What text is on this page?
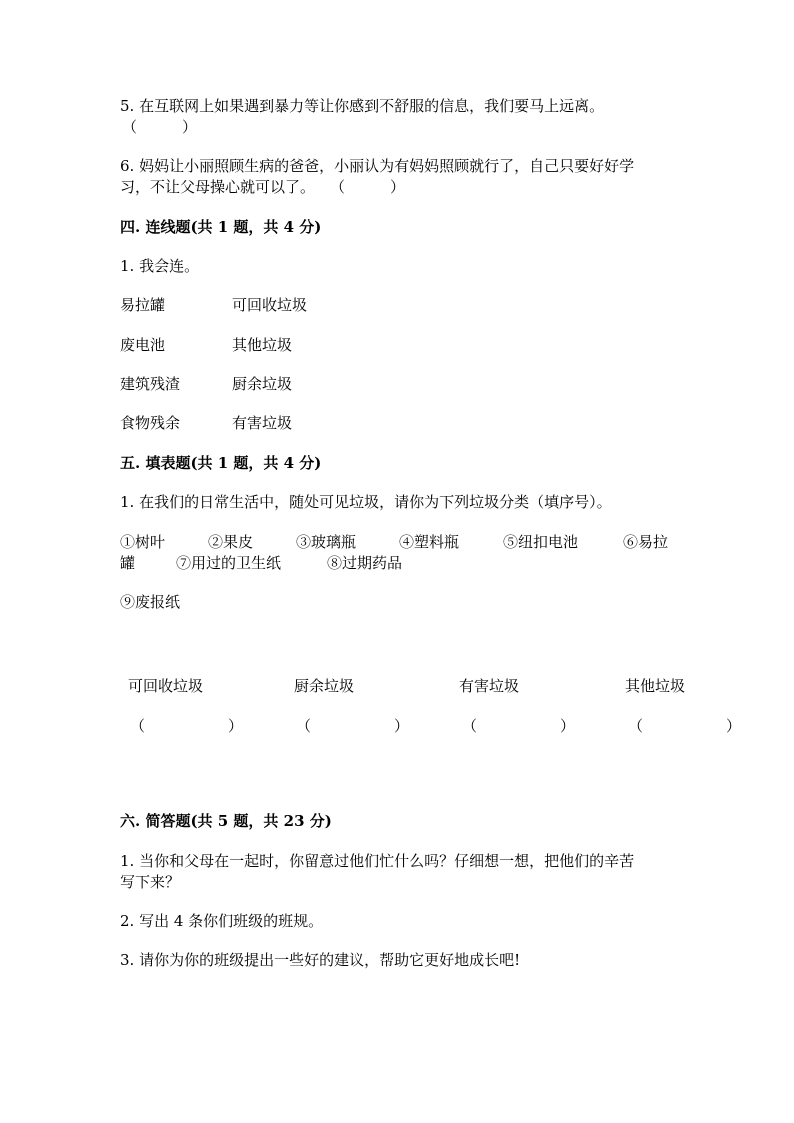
5. 在互联网上如果遇到暴力等让你感到不舒服的信息，我们要马上远离。
（　　　）
6. 妈妈让小丽照顾生病的爸爸，小丽认为有妈妈照顾就行了，自己只要好好学
习，不让父母操心就可以了。　　（　　　）
四. 连线题(共 1 题，共 4 分)
1. 我会连。
易拉罐	可回收垃圾
废电池	其他垃圾
建筑残渣	厨余垃圾
食物残余	有害垃圾
五. 填表题(共 1 题，共 4 分)
1. 在我们的日常生活中，随处可见垃圾，请你为下列垃圾分类（填序号）。
①树叶	②果皮	③玻璃瓶	④塑料瓶	⑤纽扣电池	⑥易拉
罐	⑦用过的卫生纸	⑧过期药品
⑨废报纸
可回收垃圾	厨余垃圾	有害垃圾	其他垃圾
（	）	（	）	（	）	（	）
六. 简答题(共 5 题，共 23 分)
1. 当你和父母在一起时，你留意过他们忙什么吗？仔细想一想，把他们的辛苦
写下来？
2. 写出 4 条你们班级的班规。
3. 请你为你的班级提出一些好的建议，帮助它更好地成长吧!
